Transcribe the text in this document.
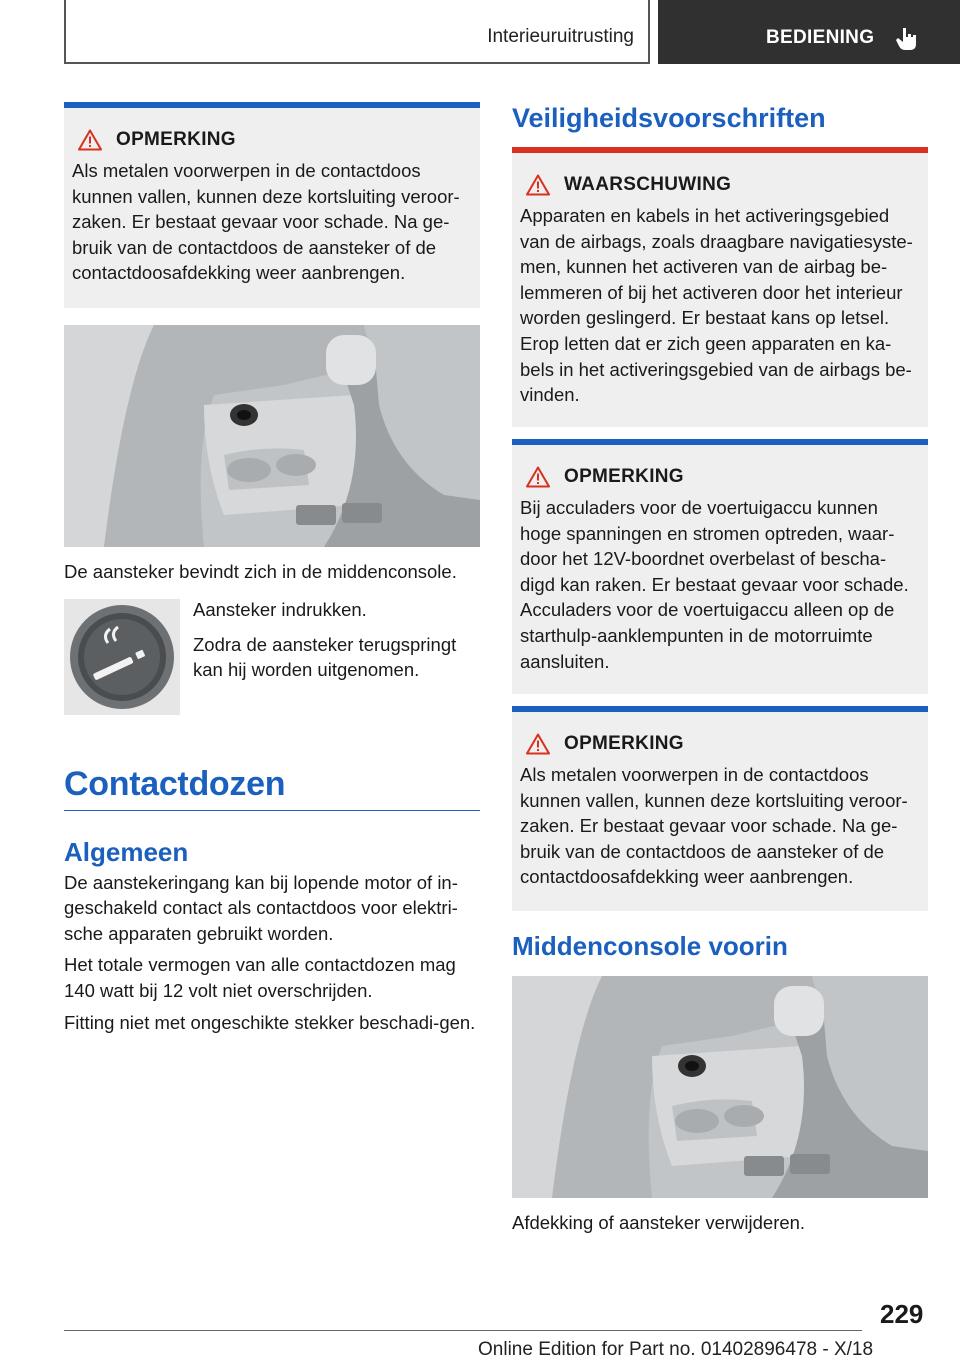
Interieuruitrusting	BEDIENING
OPMERKING
Als metalen voorwerpen in de contactdoos kunnen vallen, kunnen deze kortsluiting veroor-zaken. Er bestaat gevaar voor schade. Na ge-bruik van de contactdoos de aansteker of de contactdoosafdekking weer aanbrengen.
De aansteker bevindt zich in de middenconsole.
Aansteker indrukken.
Zodra de aansteker terugspringt kan hij worden uitgenomen.
Contactdozen
Algemeen
De aanstekeringang kan bij lopende motor of in-geschakeld contact als contactdoos voor elektri-sche apparaten gebruikt worden.
Het totale vermogen van alle contactdozen mag 140 watt bij 12 volt niet overschrijden.
Fitting niet met ongeschikte stekker beschadi-gen.
Veiligheidsvoorschriften
WAARSCHUWING
Apparaten en kabels in het activeringsgebied van de airbags, zoals draagbare navigatiesyste-men, kunnen het activeren van de airbag be-lemmeren of bij het activeren door het interieur worden geslingerd. Er bestaat kans op letsel. Erop letten dat er zich geen apparaten en ka-bels in het activeringsgebied van de airbags be-vinden.
OPMERKING
Bij acculaders voor de voertuigaccu kunnen hoge spanningen en stromen optreden, waar-door het 12V-boordnet overbelast of bescha-digd kan raken. Er bestaat gevaar voor schade. Acculaders voor de voertuigaccu alleen op de starthulp-aanklempunten in de motorruimte aansluiten.
OPMERKING
Als metalen voorwerpen in de contactdoos kunnen vallen, kunnen deze kortsluiting veroor-zaken. Er bestaat gevaar voor schade. Na ge-bruik van de contactdoos de aansteker of de contactdoosafdekking weer aanbrengen.
Middenconsole voorin
Afdekking of aansteker verwijderen.
229
Online Edition for Part no. 01402896478 - X/18
